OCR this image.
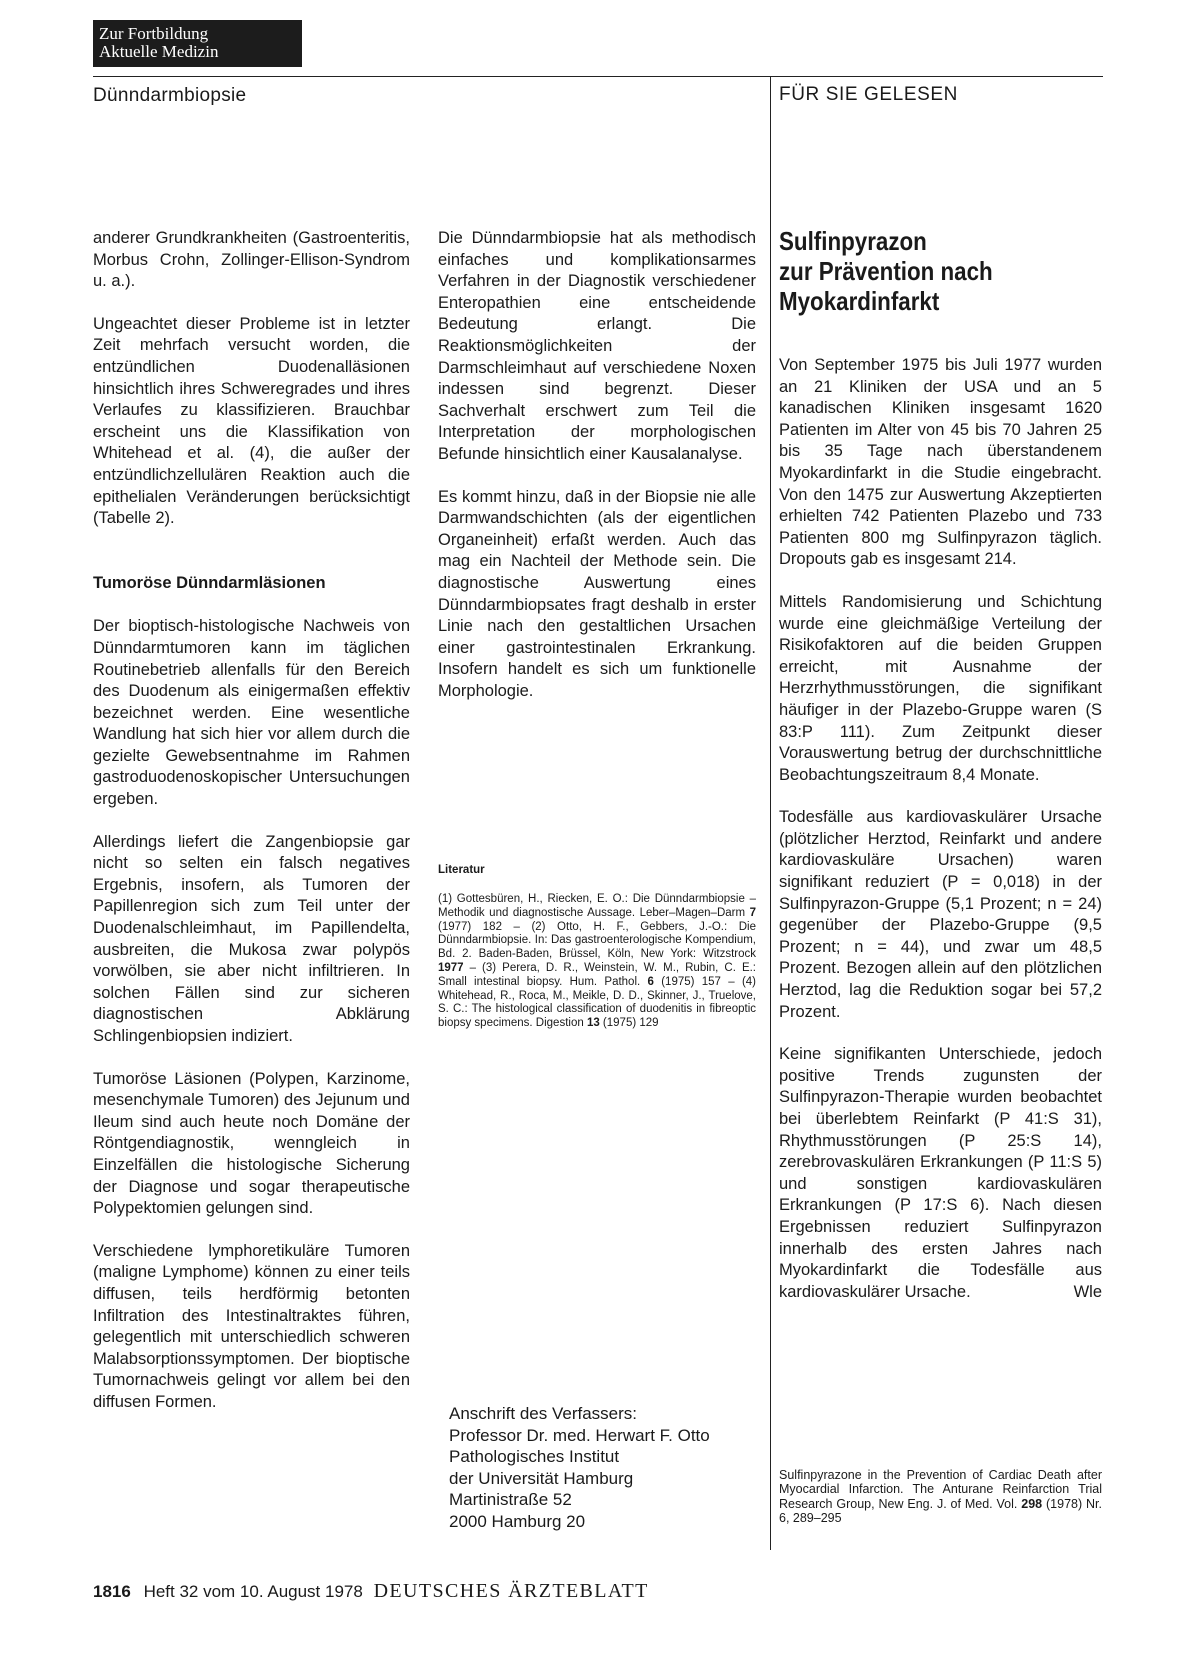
Zur Fortbildung
Aktuelle Medizin
Dünndarmbiopsie	FÜR SIE GELESEN

anderer Grundkrankheiten (Gastroenteritis, Morbus Crohn, Zollinger-Ellison-Syndrom u. a.).

Ungeachtet dieser Probleme ist in letzter Zeit mehrfach versucht worden, die entzündlichen Duodenalläsionen hinsichtlich ihres Schweregrades und ihres Verlaufes zu klassifizieren. Brauchbar erscheint uns die Klassifikation von Whitehead et al. (4), die außer der entzündlichzellulären Reaktion auch die epithelialen Veränderungen berücksichtigt (Tabelle 2).

Tumoröse Dünndarmläsionen

Der bioptisch-histologische Nachweis von Dünndarmtumoren kann im täglichen Routinebetrieb allenfalls für den Bereich des Duodenum als einigermaßen effektiv bezeichnet werden. Eine wesentliche Wandlung hat sich hier vor allem durch die gezielte Gewebsentnahme im Rahmen gastroduodenoskopischer Untersuchungen ergeben.

Allerdings liefert die Zangenbiopsie gar nicht so selten ein falsch negatives Ergebnis, insofern, als Tumoren der Papillenregion sich zum Teil unter der Duodenalschleimhaut, im Papillendelta, ausbreiten, die Mukosa zwar polypös vorwölben, sie aber nicht infiltrieren. In solchen Fällen sind zur sicheren diagnostischen Abklärung Schlingenbiopsien indiziert.

Tumoröse Läsionen (Polypen, Karzinome, mesenchymale Tumoren) des Jejunum und Ileum sind auch heute noch Domäne der Röntgendiagnostik, wenngleich in Einzelfällen die histologische Sicherung der Diagnose und sogar therapeutische Polypektomien gelungen sind.

Verschiedene lymphoretikuläre Tumoren (maligne Lymphome) können zu einer teils diffusen, teils herdförmig betonten Infiltration des Intestinaltraktes führen, gelegentlich mit unterschiedlich schweren Malabsorptionssymptomen. Der bioptische Tumornachweis gelingt vor allem bei den diffusen Formen.

Die Dünndarmbiopsie hat als methodisch einfaches und komplikationsarmes Verfahren in der Diagnostik verschiedener Enteropathien eine entscheidende Bedeutung erlangt. Die Reaktionsmöglichkeiten der Darmschleimhaut auf verschiedene Noxen indessen sind begrenzt. Dieser Sachverhalt erschwert zum Teil die Interpretation der morphologischen Befunde hinsichtlich einer Kausalanalyse.

Es kommt hinzu, daß in der Biopsie nie alle Darmwandschichten (als der eigentlichen Organeinheit) erfaßt werden. Auch das mag ein Nachteil der Methode sein. Die diagnostische Auswertung eines Dünndarmbiopsates fragt deshalb in erster Linie nach den gestaltlichen Ursachen einer gastrointestinalen Erkrankung. Insofern handelt es sich um funktionelle Morphologie.

Literatur
(1) Gottesbüren, H., Riecken, E. O.: Die Dünndarmbiopsie – Methodik und diagnostische Aussage. Leber–Magen–Darm 7 (1977) 182 – (2) Otto, H. F., Gebbers, J.-O.: Die Dünndarmbiopsie. In: Das gastroenterologische Kompendium, Bd. 2. Baden-Baden, Brüssel, Köln, New York: Witzstrock 1977 – (3) Perera, D. R., Weinstein, W. M., Rubin, C. E.: Small intestinal biopsy. Hum. Pathol. 6 (1975) 157 – (4) Whitehead, R., Roca, M., Meikle, D. D., Skinner, J., Truelove, S. C.: The histological classification of duodenitis in fibreoptic biopsy specimens. Digestion 13 (1975) 129
Anschrift des Verfassers:
Professor Dr. med. Herwart F. Otto
Pathologisches Institut
der Universität Hamburg
Martinistraße 52
2000 Hamburg 20
Sulfinpyrazon
zur Prävention nach
Myokardinfarkt

Von September 1975 bis Juli 1977 wurden an 21 Kliniken der USA und an 5 kanadischen Kliniken insgesamt 1620 Patienten im Alter von 45 bis 70 Jahren 25 bis 35 Tage nach überstandenem Myokardinfarkt in die Studie eingebracht. Von den 1475 zur Auswertung Akzeptierten erhielten 742 Patienten Plazebo und 733 Patienten 800 mg Sulfinpyrazon täglich. Dropouts gab es insgesamt 214.

Mittels Randomisierung und Schichtung wurde eine gleichmäßige Verteilung der Risikofaktoren auf die beiden Gruppen erreicht, mit Ausnahme der Herzrhythmusstörungen, die signifikant häufiger in der Plazebo-Gruppe waren (S 83:P 111). Zum Zeitpunkt dieser Vorauswertung betrug der durchschnittliche Beobachtungszeitraum 8,4 Monate.

Todesfälle aus kardiovaskulärer Ursache (plötzlicher Herztod, Reinfarkt und andere kardiovaskuläre Ursachen) waren signifikant reduziert (P = 0,018) in der Sulfinpyrazon-Gruppe (5,1 Prozent; n = 24) gegenüber der Plazebo-Gruppe (9,5 Prozent; n = 44), und zwar um 48,5 Prozent. Bezogen allein auf den plötzlichen Herztod, lag die Reduktion sogar bei 57,2 Prozent.

Keine signifikanten Unterschiede, jedoch positive Trends zugunsten der Sulfinpyrazon-Therapie wurden beobachtet bei überlebtem Reinfarkt (P 41:S 31), Rhythmusstörungen (P 25:S 14), zerebrovaskulären Erkrankungen (P 11:S 5) und sonstigen kardiovaskulären Erkrankungen (P 17:S 6). Nach diesen Ergebnissen reduziert Sulfinpyrazon innerhalb des ersten Jahres nach Myokardinfarkt die Todesfälle aus kardiovaskulärer Ursache.	Wle

Sulfinpyrazone in the Prevention of Cardiac Death after Myocardial Infarction. The Anturane Reinfarction Trial Research Group, New Eng. J. of Med. Vol. 298 (1978) Nr. 6, 289–295
1816 Heft 32 vom 10. August 1978 DEUTSCHES ÄRZTEBLATT
